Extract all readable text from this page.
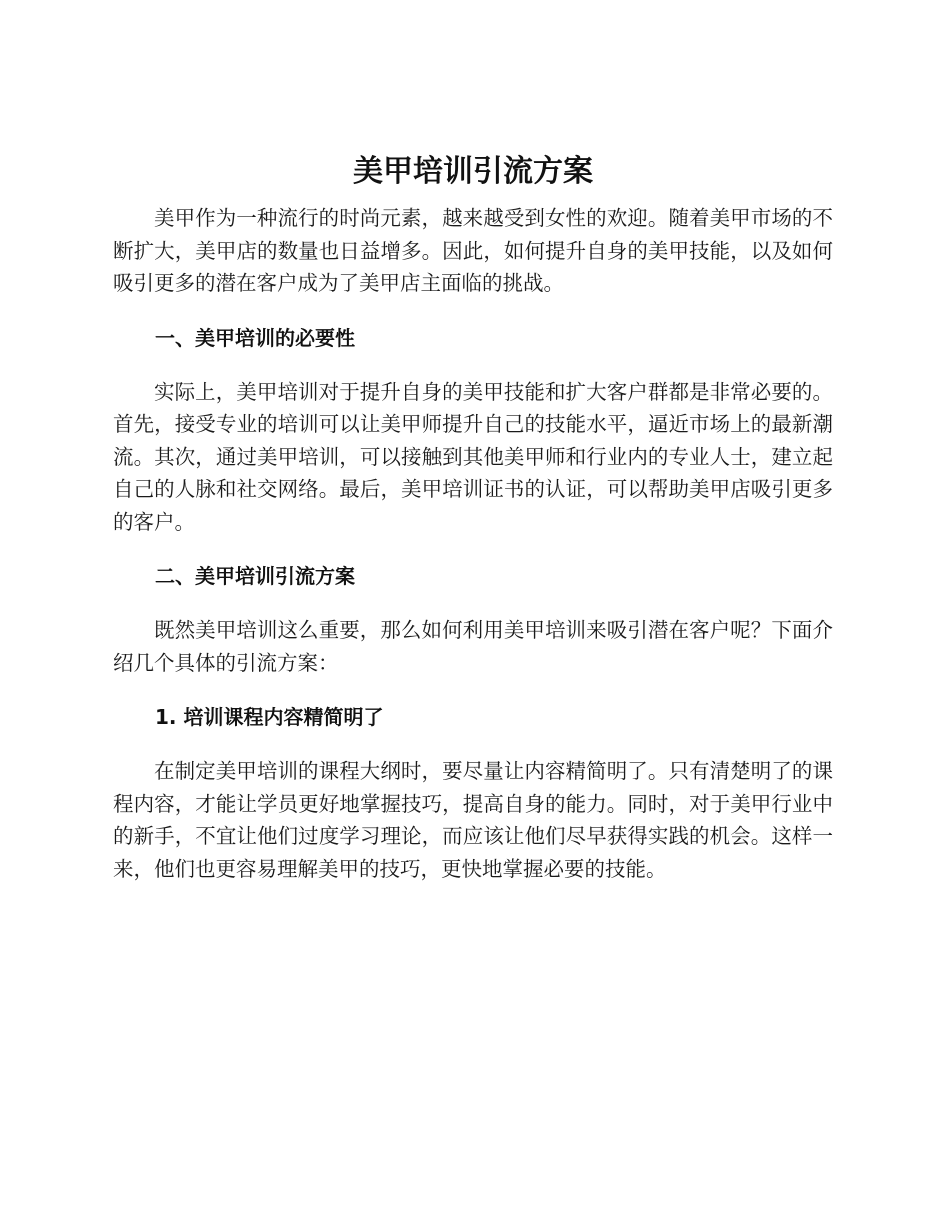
美甲培训引流方案

美甲作为一种流行的时尚元素，越来越受到女性的欢迎。随着美甲市场的不断扩大，美甲店的数量也日益增多。因此，如何提升自身的美甲技能，以及如何吸引更多的潜在客户成为了美甲店主面临的挑战。

一、美甲培训的必要性

实际上，美甲培训对于提升自身的美甲技能和扩大客户群都是非常必要的。首先，接受专业的培训可以让美甲师提升自己的技能水平，逼近市场上的最新潮流。其次，通过美甲培训，可以接触到其他美甲师和行业内的专业人士，建立起自己的人脉和社交网络。最后，美甲培训证书的认证，可以帮助美甲店吸引更多的客户。

二、美甲培训引流方案

既然美甲培训这么重要，那么如何利用美甲培训来吸引潜在客户呢？下面介绍几个具体的引流方案：

1. 培训课程内容精简明了

在制定美甲培训的课程大纲时，要尽量让内容精简明了。只有清楚明了的课程内容，才能让学员更好地掌握技巧，提高自身的能力。同时，对于美甲行业中的新手，不宜让他们过度学习理论，而应该让他们尽早获得实践的机会。这样一来，他们也更容易理解美甲的技巧，更快地掌握必要的技能。
